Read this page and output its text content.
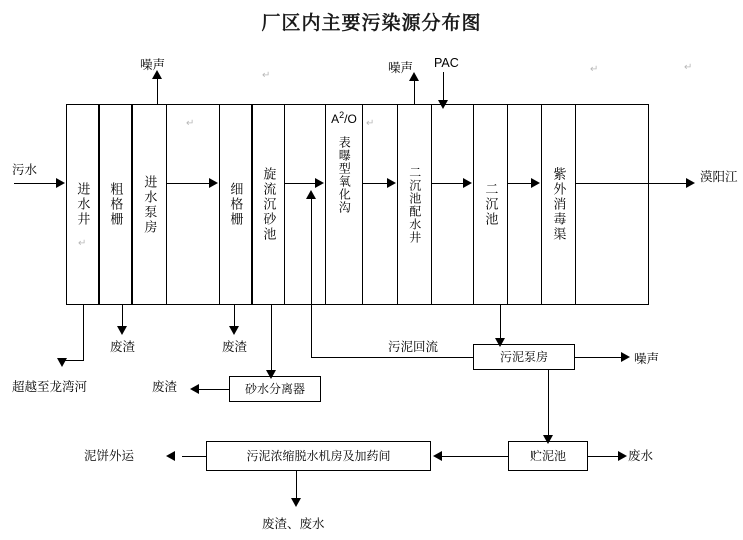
厂区内主要污染源分布图
进水井	粗格栅	进水泵房	细格栅	旋流沉砂池
$A^2/O$
表曝型氧化沟	二沉池配水井	二沉池	紫外消毒渠
砂水分离器
污泥泵房
贮泥池
污泥浓缩脱水机房及加药间
污水
噪声	噪声 PAC
漠阳江
废渣	废渣
废渣
超越至龙湾河
污泥回流
噪声
泥饼外运	废水
废渣、废水
↵
↵
↵
↵
↵
↵
